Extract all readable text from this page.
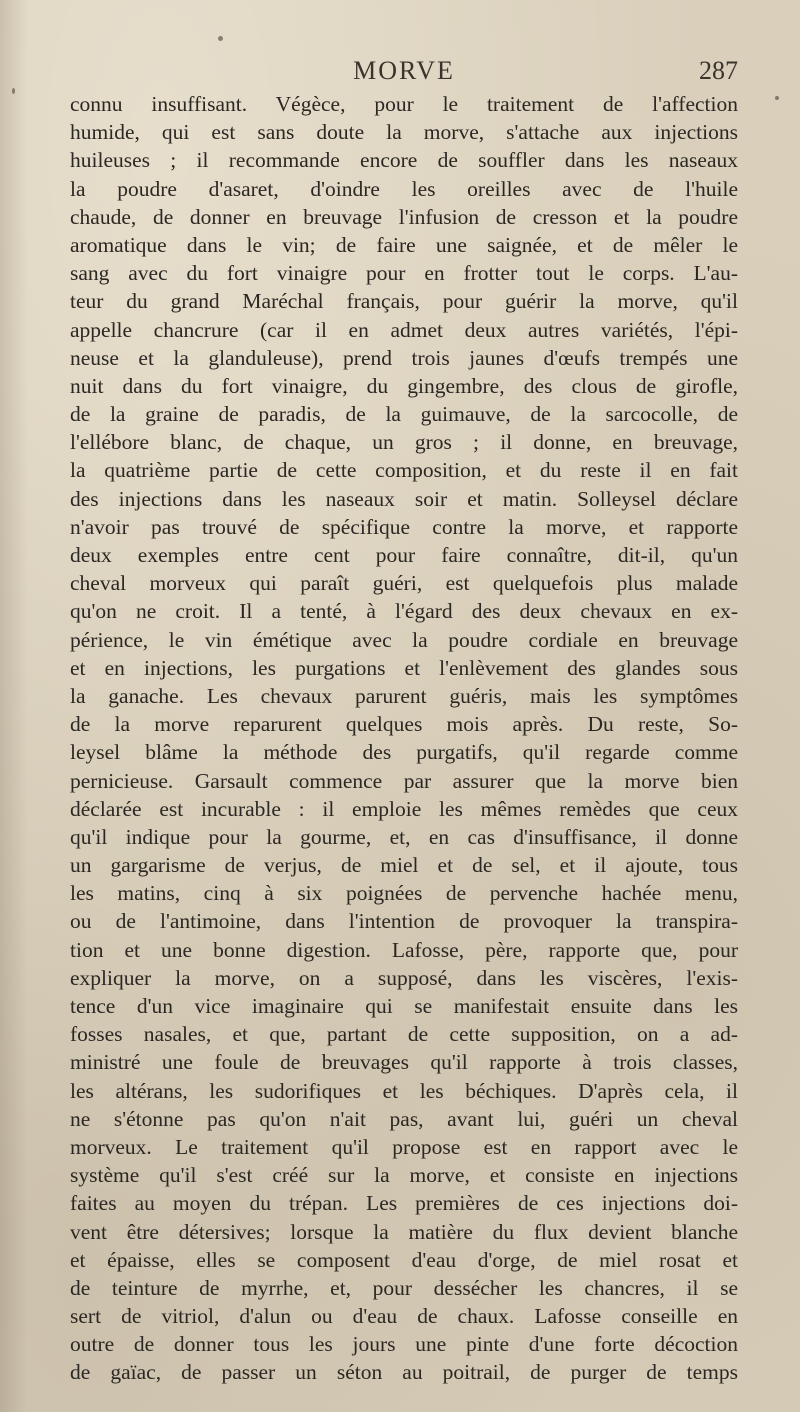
MORVE	287
connu insuffisant. Végèce, pour le traitement de l'affection
humide, qui est sans doute la morve, s'attache aux injections
huileuses ; il recommande encore de souffler dans les naseaux
la poudre d'asaret, d'oindre les oreilles avec de l'huile
chaude, de donner en breuvage l'infusion de cresson et la poudre
aromatique dans le vin; de faire une saignée, et de mêler le
sang avec du fort vinaigre pour en frotter tout le corps. L'au-
teur du grand Maréchal français, pour guérir la morve, qu'il
appelle chancrure (car il en admet deux autres variétés, l'épi-
neuse et la glanduleuse), prend trois jaunes d'œufs trempés une
nuit dans du fort vinaigre, du gingembre, des clous de girofle,
de la graine de paradis, de la guimauve, de la sarcocolle, de
l'ellébore blanc, de chaque, un gros ; il donne, en breuvage,
la quatrième partie de cette composition, et du reste il en fait
des injections dans les naseaux soir et matin. Solleysel déclare
n'avoir pas trouvé de spécifique contre la morve, et rapporte
deux exemples entre cent pour faire connaître, dit-il, qu'un
cheval morveux qui paraît guéri, est quelquefois plus malade
qu'on ne croit. Il a tenté, à l'égard des deux chevaux en ex-
périence, le vin émétique avec la poudre cordiale en breuvage
et en injections, les purgations et l'enlèvement des glandes sous
la ganache. Les chevaux parurent guéris, mais les symptômes
de la morve reparurent quelques mois après. Du reste, So-
leysel blâme la méthode des purgatifs, qu'il regarde comme
pernicieuse. Garsault commence par assurer que la morve bien
déclarée est incurable : il emploie les mêmes remèdes que ceux
qu'il indique pour la gourme, et, en cas d'insuffisance, il donne
un gargarisme de verjus, de miel et de sel, et il ajoute, tous
les matins, cinq à six poignées de pervenche hachée menu,
ou de l'antimoine, dans l'intention de provoquer la transpira-
tion et une bonne digestion. Lafosse, père, rapporte que, pour
expliquer la morve, on a supposé, dans les viscères, l'exis-
tence d'un vice imaginaire qui se manifestait ensuite dans les
fosses nasales, et que, partant de cette supposition, on a ad-
ministré une foule de breuvages qu'il rapporte à trois classes,
les altérans, les sudorifiques et les béchiques. D'après cela, il
ne s'étonne pas qu'on n'ait pas, avant lui, guéri un cheval
morveux. Le traitement qu'il propose est en rapport avec le
système qu'il s'est créé sur la morve, et consiste en injections
faites au moyen du trépan. Les premières de ces injections doi-
vent être détersives; lorsque la matière du flux devient blanche
et épaisse, elles se composent d'eau d'orge, de miel rosat et
de teinture de myrrhe, et, pour dessécher les chancres, il se
sert de vitriol, d'alun ou d'eau de chaux. Lafosse conseille en
outre de donner tous les jours une pinte d'une forte décoction
de gaïac, de passer un séton au poitrail, de purger de temps
